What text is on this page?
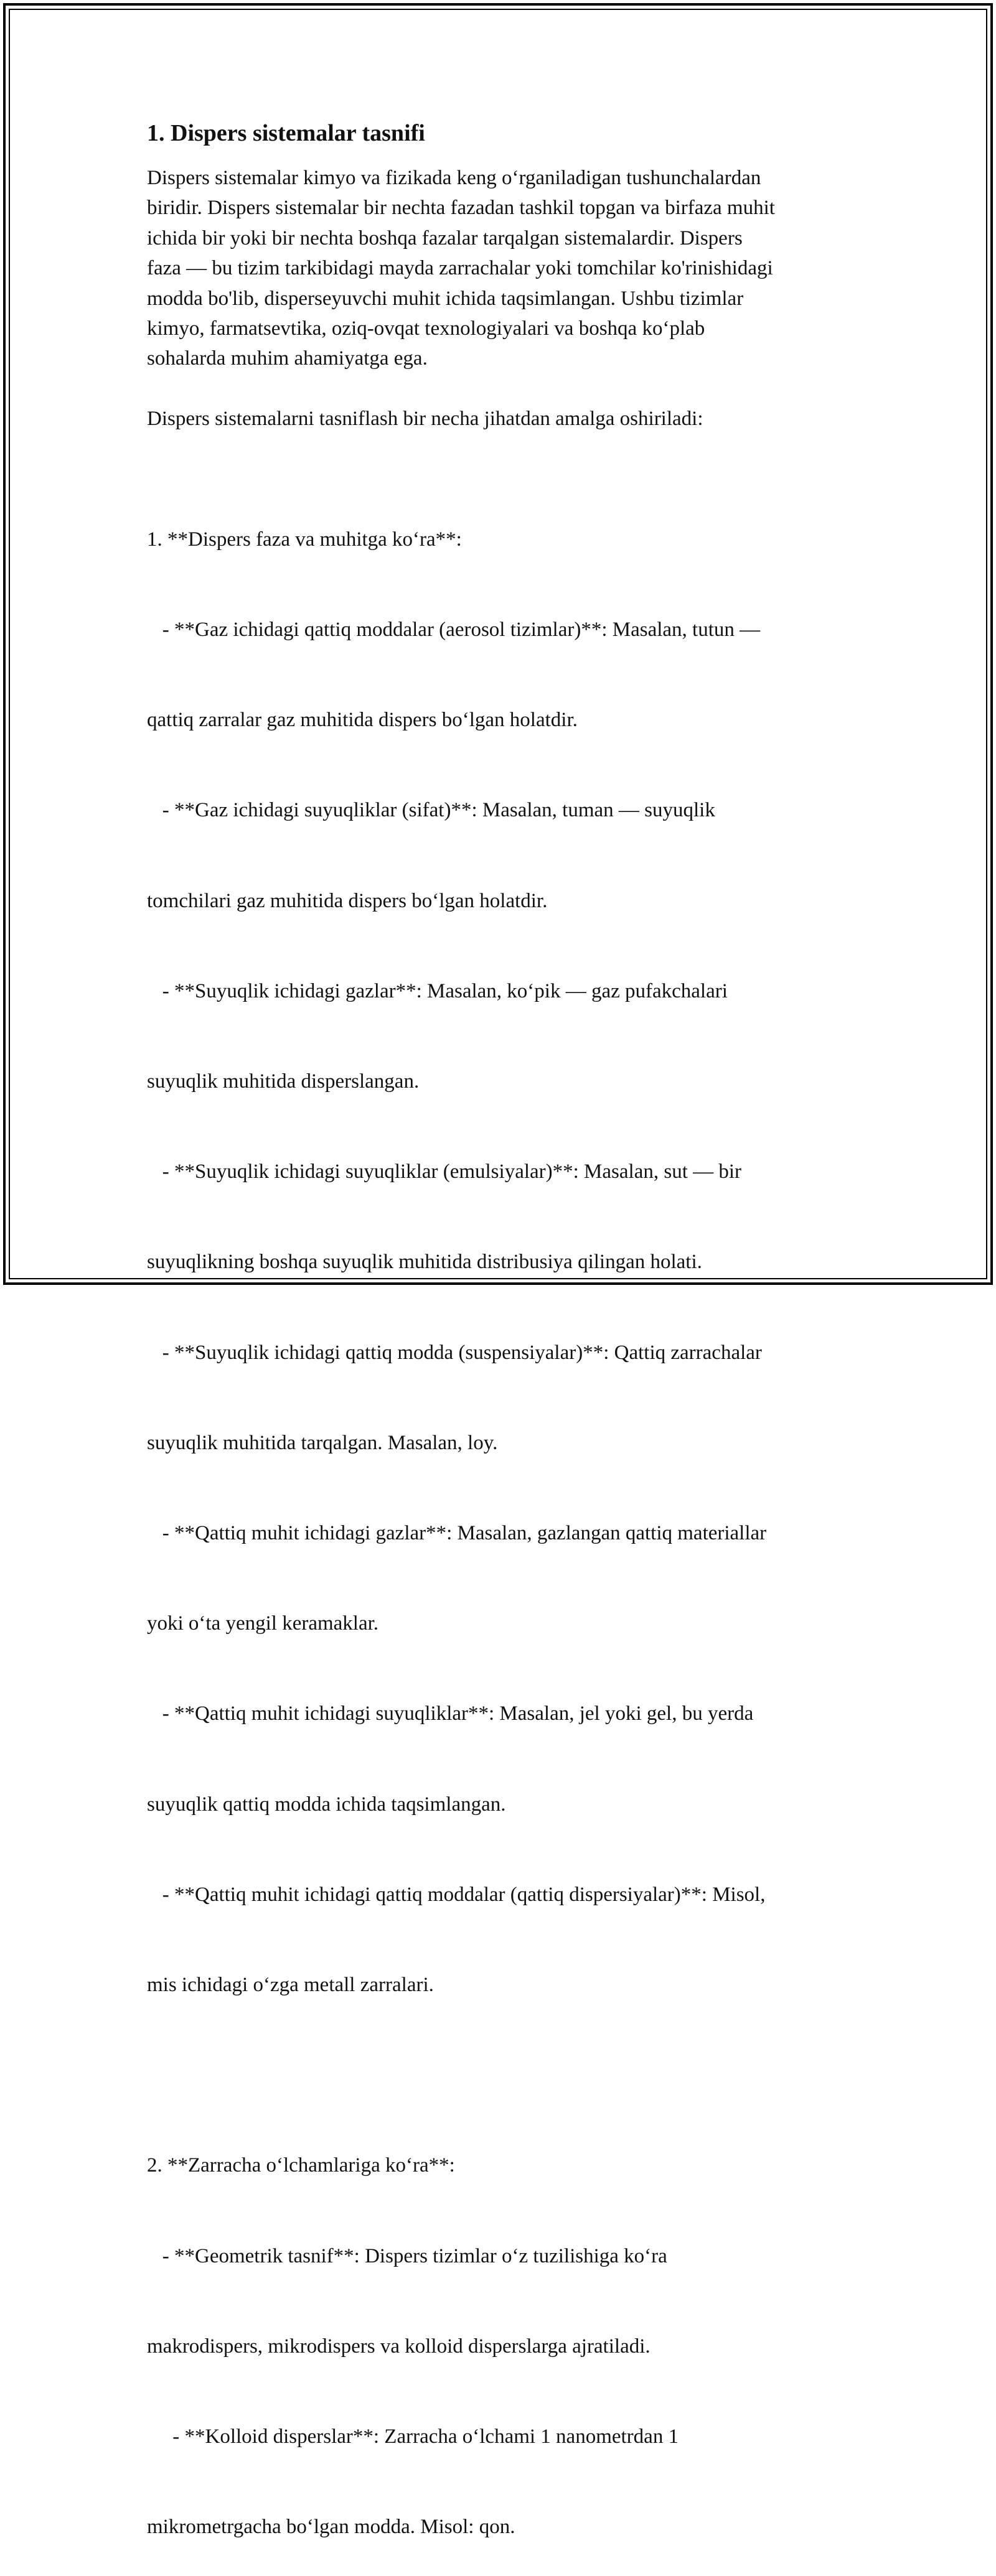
1. Dispers sistemalar tasnifi
Dispers sistemalar kimyo va fizikada keng o‘rganiladigan tushunchalardan
biridir. Dispers sistemalar bir nechta fazadan tashkil topgan va birfaza muhit
ichida bir yoki bir nechta boshqa fazalar tarqalgan sistemalardir. Dispers
faza — bu tizim tarkibidagi mayda zarrachalar yoki tomchilar ko'rinishidagi
modda bo'lib, disperseyuvchi muhit ichida taqsimlangan. Ushbu tizimlar
kimyo, farmatsevtika, oziq-ovqat texnologiyalari va boshqa ko‘plab
sohalarda muhim ahamiyatga ega.
Dispers sistemalarni tasniflash bir necha jihatdan amalga oshiriladi:

1. **Dispers faza va muhitga ko‘ra**:

- **Gaz ichidagi qattiq moddalar (aerosol tizimlar)**: Masalan, tutun —

qattiq zarralar gaz muhitida dispers bo‘lgan holatdir.

- **Gaz ichidagi suyuqliklar (sifat)**: Masalan, tuman — suyuqlik

tomchilari gaz muhitida dispers bo‘lgan holatdir.

- **Suyuqlik ichidagi gazlar**: Masalan, ko‘pik — gaz pufakchalari

suyuqlik muhitida disperslangan.

- **Suyuqlik ichidagi suyuqliklar (emulsiyalar)**: Masalan, sut — bir

suyuqlikning boshqa suyuqlik muhitida distribusiya qilingan holati.

- **Suyuqlik ichidagi qattiq modda (suspensiyalar)**: Qattiq zarrachalar

suyuqlik muhitida tarqalgan. Masalan, loy.

- **Qattiq muhit ichidagi gazlar**: Masalan, gazlangan qattiq materiallar

yoki o‘ta yengil keramaklar.

- **Qattiq muhit ichidagi suyuqliklar**: Masalan, jel yoki gel, bu yerda

suyuqlik qattiq modda ichida taqsimlangan.

- **Qattiq muhit ichidagi qattiq moddalar (qattiq dispersiyalar)**: Misol,

mis ichidagi o‘zga metall zarralari.

2. **Zarracha o‘lchamlariga ko‘ra**:

- **Geometrik tasnif**: Dispers tizimlar o‘z tuzilishiga ko‘ra

makrodispers, mikrodispers va kolloid disperslarga ajratiladi.

- **Kolloid disperslar**: Zarracha o‘lchami 1 nanometrdan 1

mikrometrgacha bo‘lgan modda. Misol: qon.
